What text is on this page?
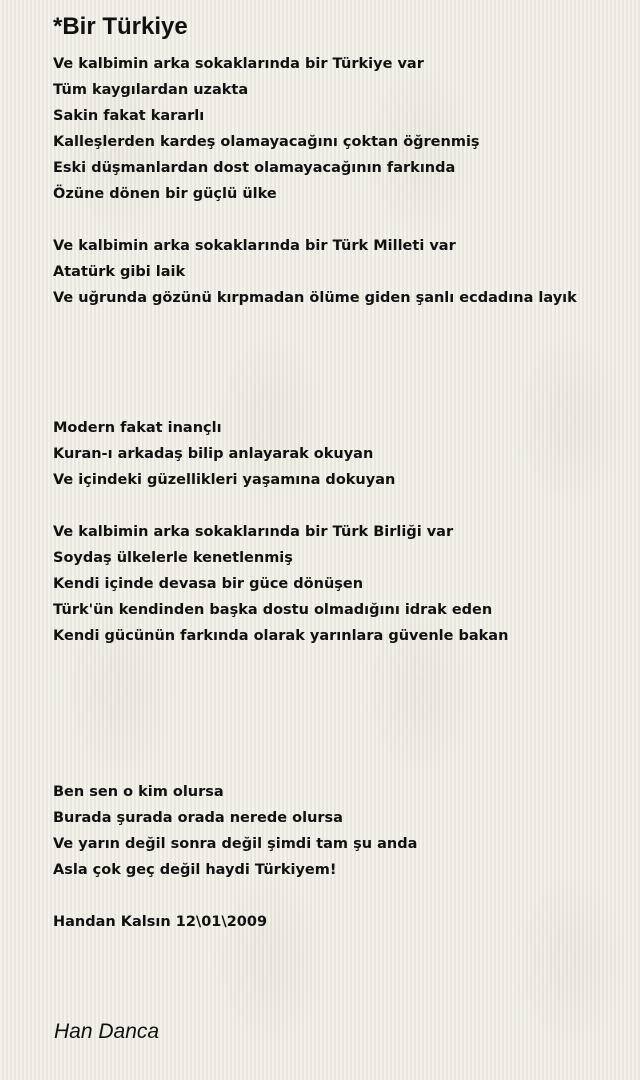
*Bir Türkiye
Ve kalbimin arka sokaklarında bir Türkiye var
Tüm kaygılardan uzakta
Sakin fakat kararlı
Kalleşlerden kardeş olamayacağını çoktan öğrenmiş
Eski düşmanlardan dost olamayacağının farkında
Özüne dönen bir güçlü ülke
Ve kalbimin arka sokaklarında bir Türk Milleti var
Atatürk gibi laik
Ve uğrunda gözünü kırpmadan ölüme giden şanlı ecdadına layık
Modern fakat inançlı
Kuran-ı arkadaş bilip anlayarak okuyan
Ve içindeki güzellikleri yaşamına dokuyan
Ve kalbimin arka sokaklarında bir Türk Birliği var
Soydaş ülkelerle kenetlenmiş
Kendi içinde devasa bir güce dönüşen
Türk'ün kendinden başka dostu olmadığını idrak eden
Kendi gücünün farkında olarak yarınlara güvenle bakan
Ben sen o kim olursa
Burada şurada orada nerede olursa
Ve yarın değil sonra değil şimdi tam şu anda
Asla çok geç değil haydi Türkiyem!
Handan Kalsın 12\01\2009
Han Danca
